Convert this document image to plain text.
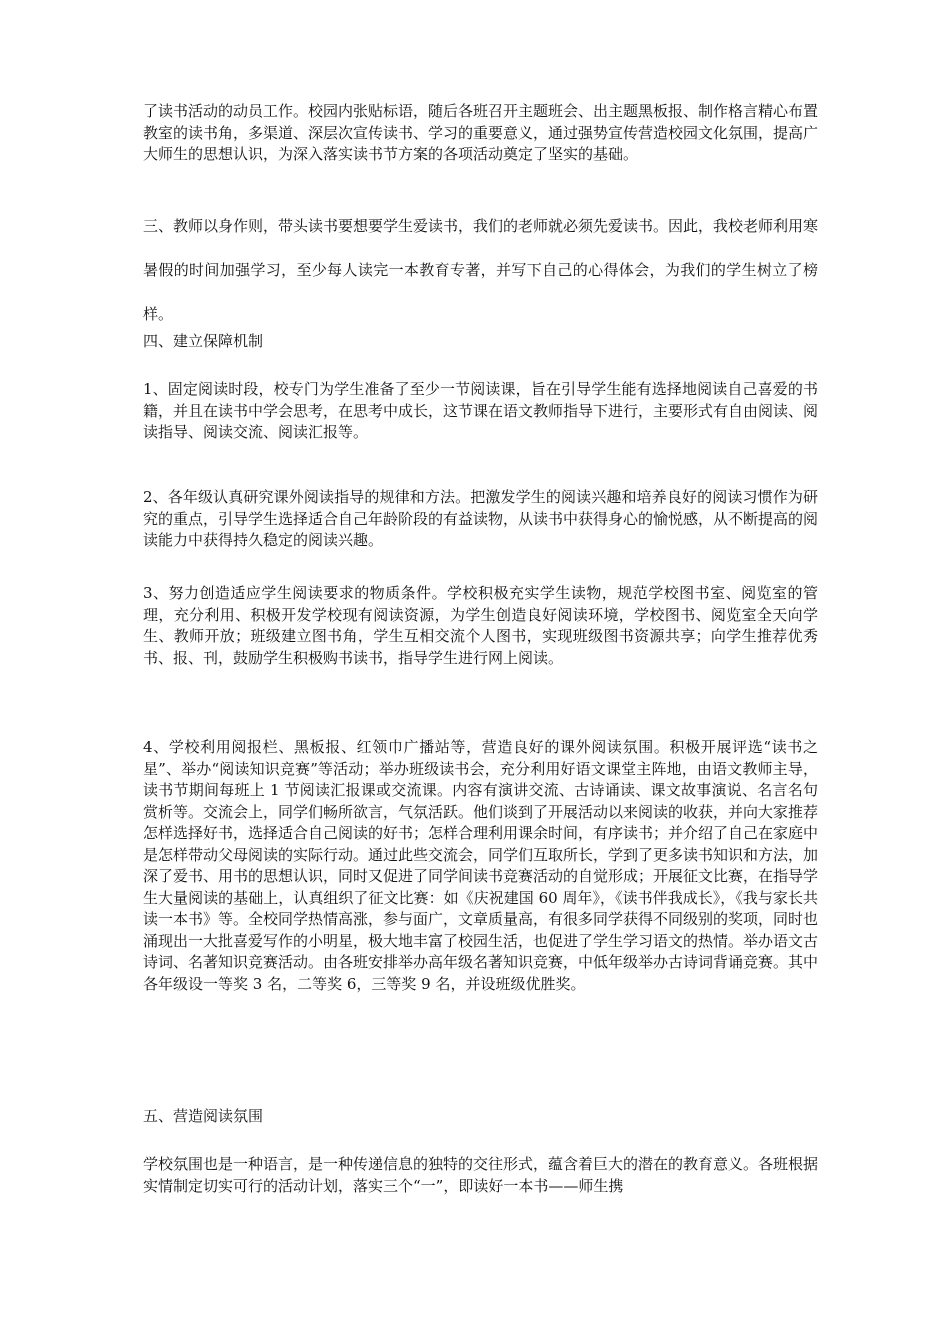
了读书活动的动员工作。校园内张贴标语，随后各班召开主题班会、出主题黑板报、制作格言精心布置教室的读书角，多渠道、深层次宣传读书、学习的重要意义，通过强势宣传营造校园文化氛围，提高广大师生的思想认识，为深入落实读书节方案的各项活动奠定了坚实的基础。

三、教师以身作则，带头读书要想要学生爱读书，我们的老师就必须先爱读书。因此，我校老师利用寒暑假的时间加强学习，至少每人读完一本教育专著，并写下自己的心得体会，为我们的学生树立了榜样。

四、建立保障机制

1、固定阅读时段，校专门为学生准备了至少一节阅读课，旨在引导学生能有选择地阅读自己喜爱的书籍，并且在读书中学会思考，在思考中成长，这节课在语文教师指导下进行，主要形式有自由阅读、阅读指导、阅读交流、阅读汇报等。

2、各年级认真研究课外阅读指导的规律和方法。把激发学生的阅读兴趣和培养良好的阅读习惯作为研究的重点，引导学生选择适合自己年龄阶段的有益读物，从读书中获得身心的愉悦感，从不断提高的阅读能力中获得持久稳定的阅读兴趣。

3、努力创造适应学生阅读要求的物质条件。学校积极充实学生读物，规范学校图书室、阅览室的管理，充分利用、积极开发学校现有阅读资源，为学生创造良好阅读环境，学校图书、阅览室全天向学生、教师开放；班级建立图书角，学生互相交流个人图书，实现班级图书资源共享；向学生推荐优秀书、报、刊，鼓励学生积极购书读书，指导学生进行网上阅读。

4、学校利用阅报栏、黑板报、红领巾广播站等，营造良好的课外阅读氛围。积极开展评选“读书之星”、举办“阅读知识竞赛”等活动；举办班级读书会，充分利用好语文课堂主阵地，由语文教师主导，读书节期间每班上 1 节阅读汇报课或交流课。内容有演讲交流、古诗诵读、课文故事演说、名言名句赏析等。交流会上，同学们畅所欲言，气氛活跃。他们谈到了开展活动以来阅读的收获，并向大家推荐怎样选择好书，选择适合自己阅读的好书；怎样合理利用课余时间，有序读书；并介绍了自己在家庭中是怎样带动父母阅读的实际行动。通过此些交流会，同学们互取所长，学到了更多读书知识和方法，加深了爱书、用书的思想认识，同时又促进了同学间读书竞赛活动的自觉形成；开展征文比赛，在指导学生大量阅读的基础上，认真组织了征文比赛：如《庆祝建国 60 周年》，《读书伴我成长》，《我与家长共读一本书》等。全校同学热情高涨，参与面广，文章质量高，有很多同学获得不同级别的奖项，同时也涌现出一大批喜爱写作的小明星，极大地丰富了校园生活，也促进了学生学习语文的热情。举办语文古诗词、名著知识竞赛活动。由各班安排举办高年级名著知识竞赛，中低年级举办古诗词背诵竞赛。其中各年级设一等奖 3 名，二等奖 6，三等奖 9 名，并设班级优胜奖。

五、营造阅读氛围

学校氛围也是一种语言，是一种传递信息的独特的交往形式，蕴含着巨大的潜在的教育意义。各班根据实情制定切实可行的活动计划，落实三个“一”，即读好一本书——师生携
